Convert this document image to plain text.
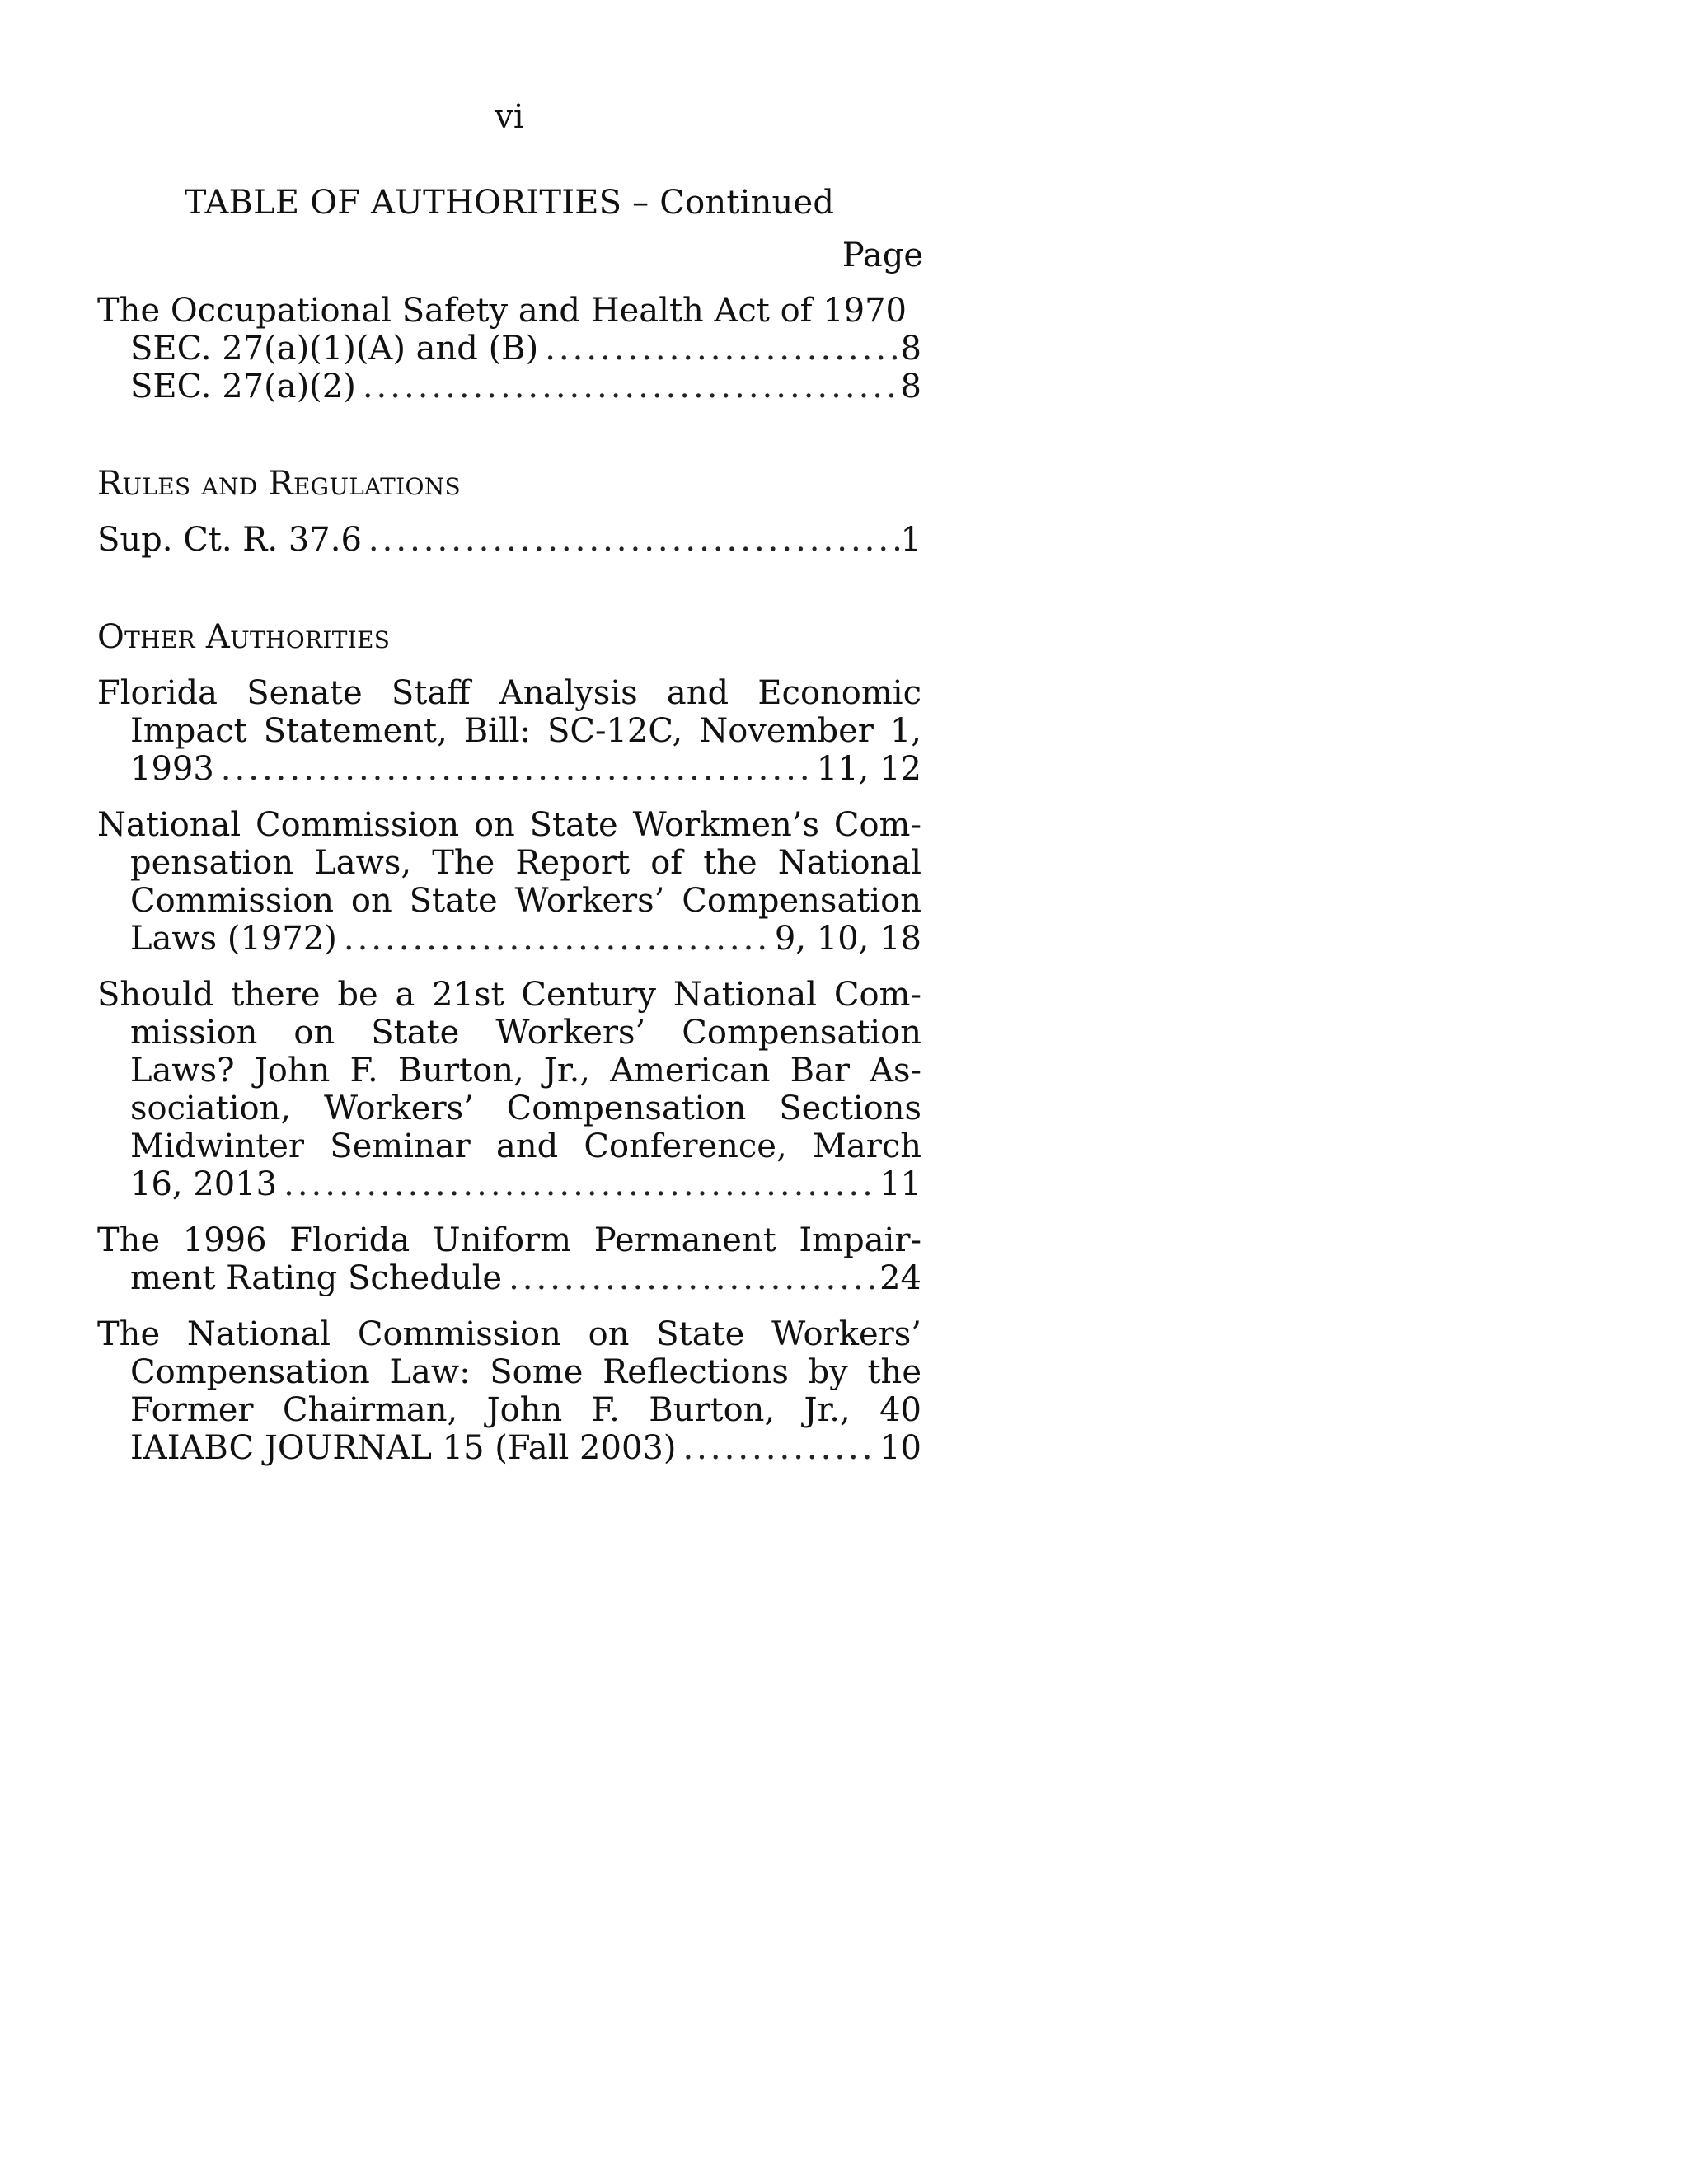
vi
TABLE OF AUTHORITIES – Continued
Page

The Occupational Safety and Health Act of 1970

SEC. 27(a)(1)(A) and (B) .....	8
SEC. 27(a)(2) .....	8

Rules and Regulations

Sup. Ct. R. 37.6 .....	1

Other Authorities

Florida Senate Staff Analysis and Economic
Impact Statement, Bill: SC-12C, November 1,
1993 .....	11, 12
National Commission on State Workmen’s Com-
pensation Laws, The Report of the National
Commission on State Workers’ Compensation
Laws (1972) .....	9, 10, 18
Should there be a 21st Century National Com-
mission on State Workers’ Compensation
Laws? John F. Burton, Jr., American Bar As-
sociation, Workers’ Compensation Sections
Midwinter Seminar and Conference, March
16, 2013 .....	11
The 1996 Florida Uniform Permanent Impair-
ment Rating Schedule .....	24
The National Commission on State Workers’
Compensation Law: Some Reflections by the
Former Chairman, John F. Burton, Jr., 40
IAIABC JOURNAL 15 (Fall 2003) .....	10
